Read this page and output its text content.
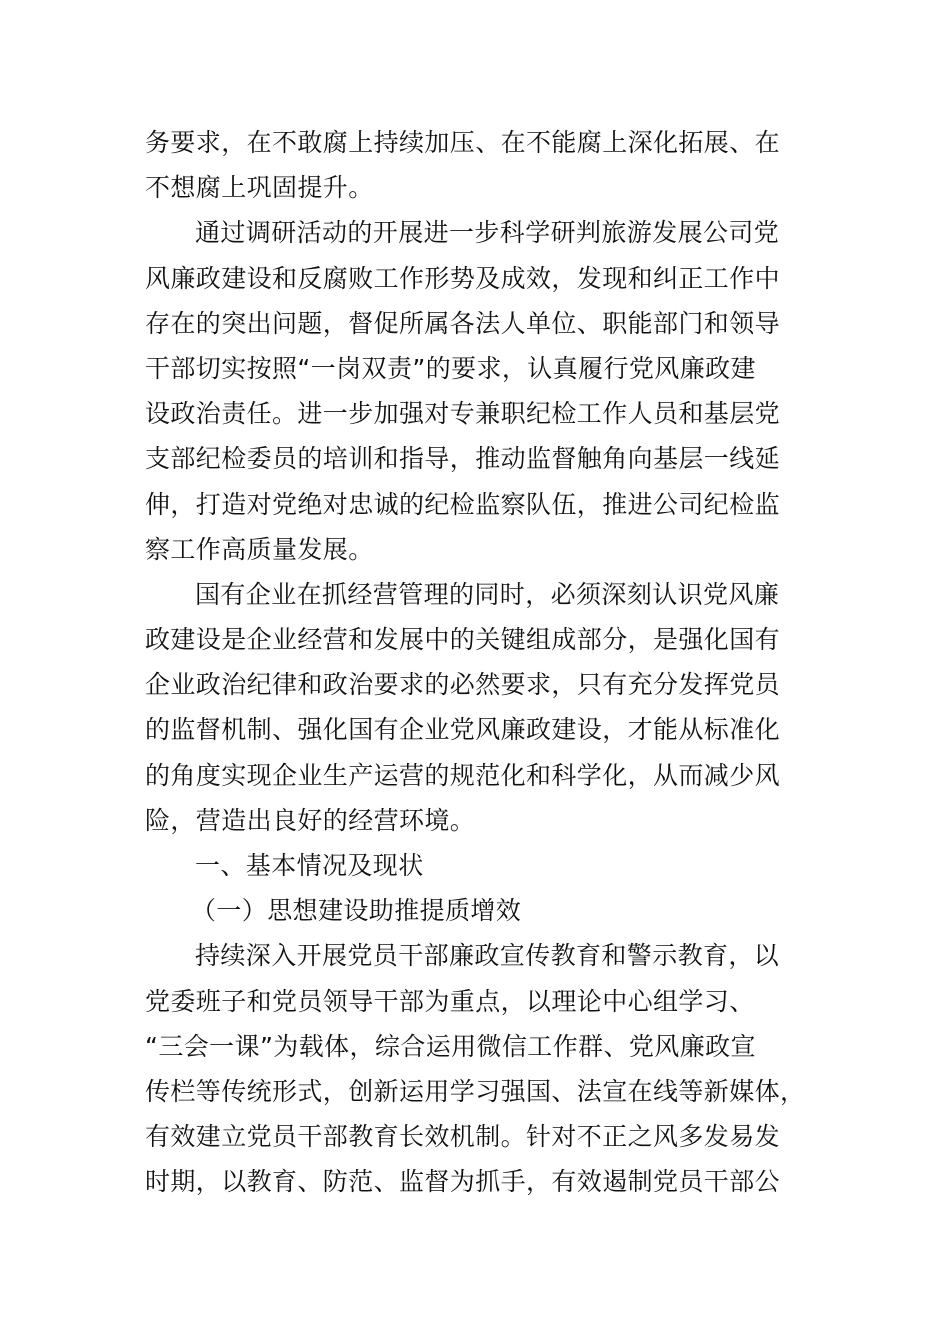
务要求，在不敢腐上持续加压、在不能腐上深化拓展、在
不想腐上巩固提升。
通过调研活动的开展进一步科学研判旅游发展公司党
风廉政建设和反腐败工作形势及成效，发现和纠正工作中
存在的突出问题，督促所属各法人单位、职能部门和领导
干部切实按照“一岗双责”的要求，认真履行党风廉政建
设政治责任。进一步加强对专兼职纪检工作人员和基层党
支部纪检委员的培训和指导，推动监督触角向基层一线延
伸，打造对党绝对忠诚的纪检监察队伍，推进公司纪检监
察工作高质量发展。
国有企业在抓经营管理的同时，必须深刻认识党风廉
政建设是企业经营和发展中的关键组成部分，是强化国有
企业政治纪律和政治要求的必然要求，只有充分发挥党员
的监督机制、强化国有企业党风廉政建设，才能从标准化
的角度实现企业生产运营的规范化和科学化，从而减少风
险，营造出良好的经营环境。
一、基本情况及现状
（一）思想建设助推提质增效
持续深入开展党员干部廉政宣传教育和警示教育，以
党委班子和党员领导干部为重点，以理论中心组学习、
“三会一课”为载体，综合运用微信工作群、党风廉政宣
传栏等传统形式，创新运用学习强国、法宣在线等新媒体，
有效建立党员干部教育长效机制。针对不正之风多发易发
时期，以教育、防范、监督为抓手，有效遏制党员干部公
